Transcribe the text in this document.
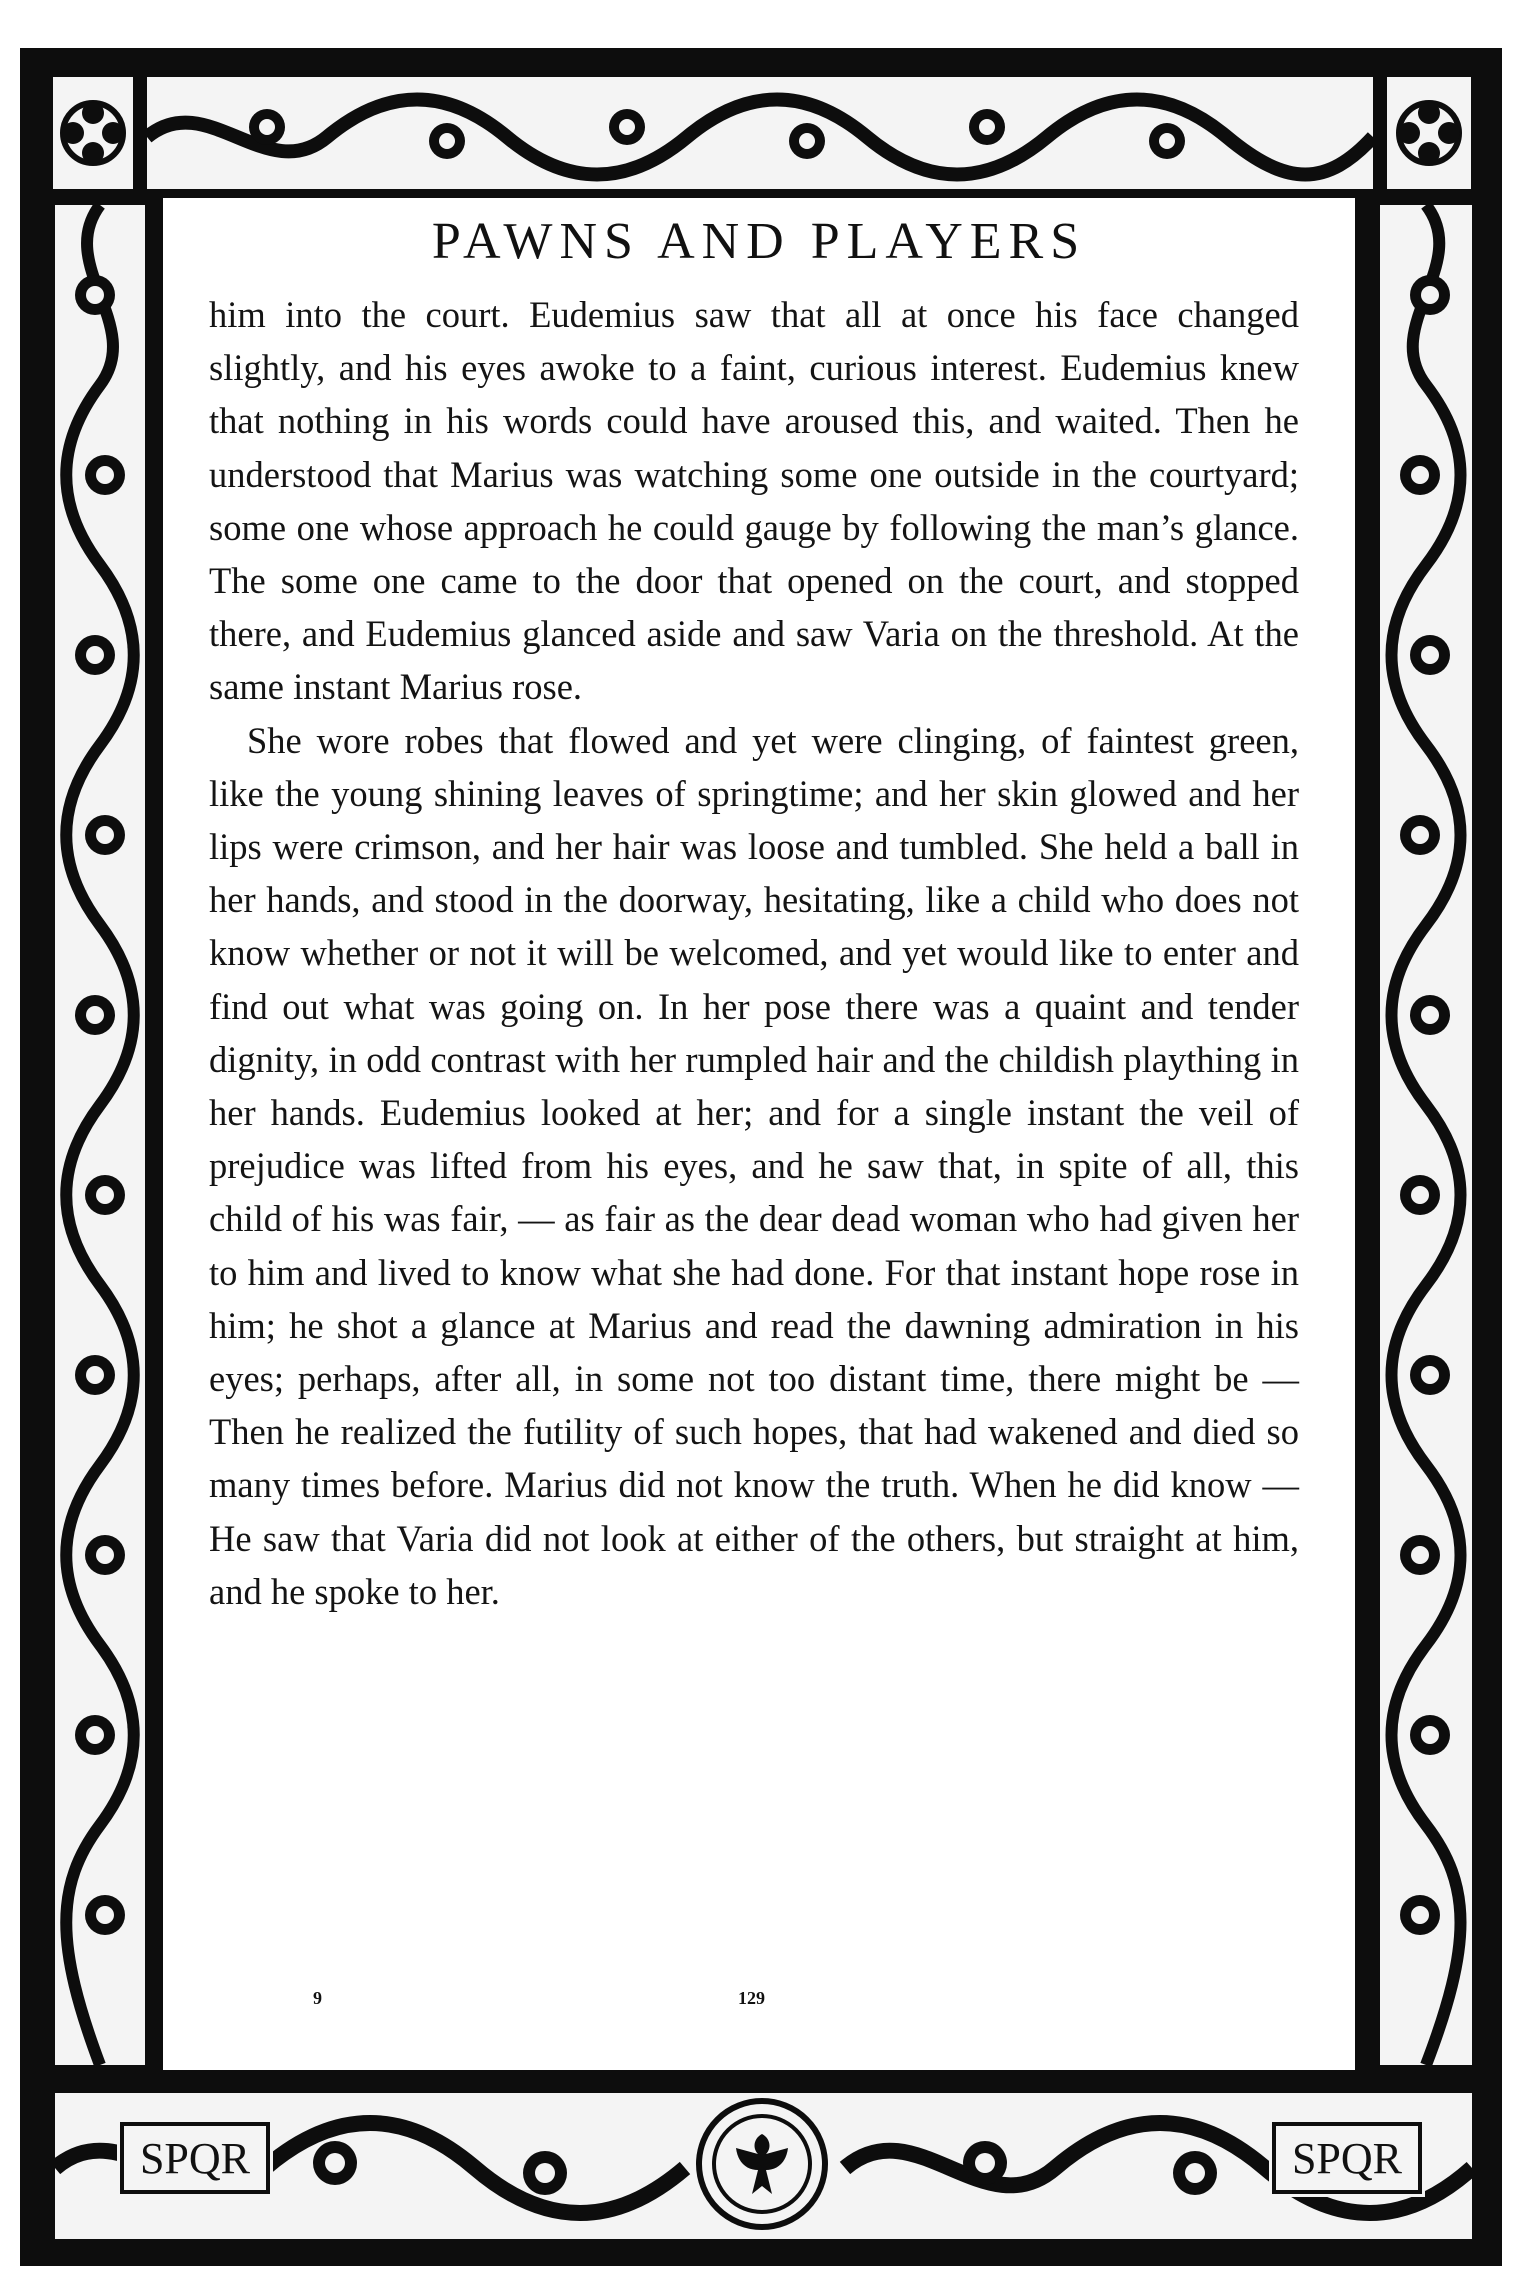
SPQR	SPQR
PAWNS AND PLAYERS

him into the court. Eudemius saw that all at once his face changed slightly, and his eyes awoke to a faint, curious interest. Eudemius knew that nothing in his words could have aroused this, and waited. Then he understood that Marius was watching some one outside in the courtyard; some one whose approach he could gauge by following the man’s glance. The some one came to the door that opened on the court, and stopped there, and Eudemius glanced aside and saw Varia on the threshold. At the same instant Marius rose.

She wore robes that flowed and yet were clinging, of faintest green, like the young shining leaves of springtime; and her skin glowed and her lips were crimson, and her hair was loose and tumbled. She held a ball in her hands, and stood in the doorway, hesitating, like a child who does not know whether or not it will be welcomed, and yet would like to enter and find out what was going on. In her pose there was a quaint and tender dignity, in odd contrast with her rumpled hair and the childish plaything in her hands. Eudemius looked at her; and for a single instant the veil of prejudice was lifted from his eyes, and he saw that, in spite of all, this child of his was fair, — as fair as the dear dead woman who had given her to him and lived to know what she had done. For that instant hope rose in him; he shot a glance at Marius and read the dawning admiration in his eyes; perhaps, after all, in some not too distant time, there might be — Then he realized the futility of such hopes, that had wakened and died so many times before. Marius did not know the truth. When he did know — He saw that Varia did not look at either of the others, but straight at him, and he spoke to her.

9	129
